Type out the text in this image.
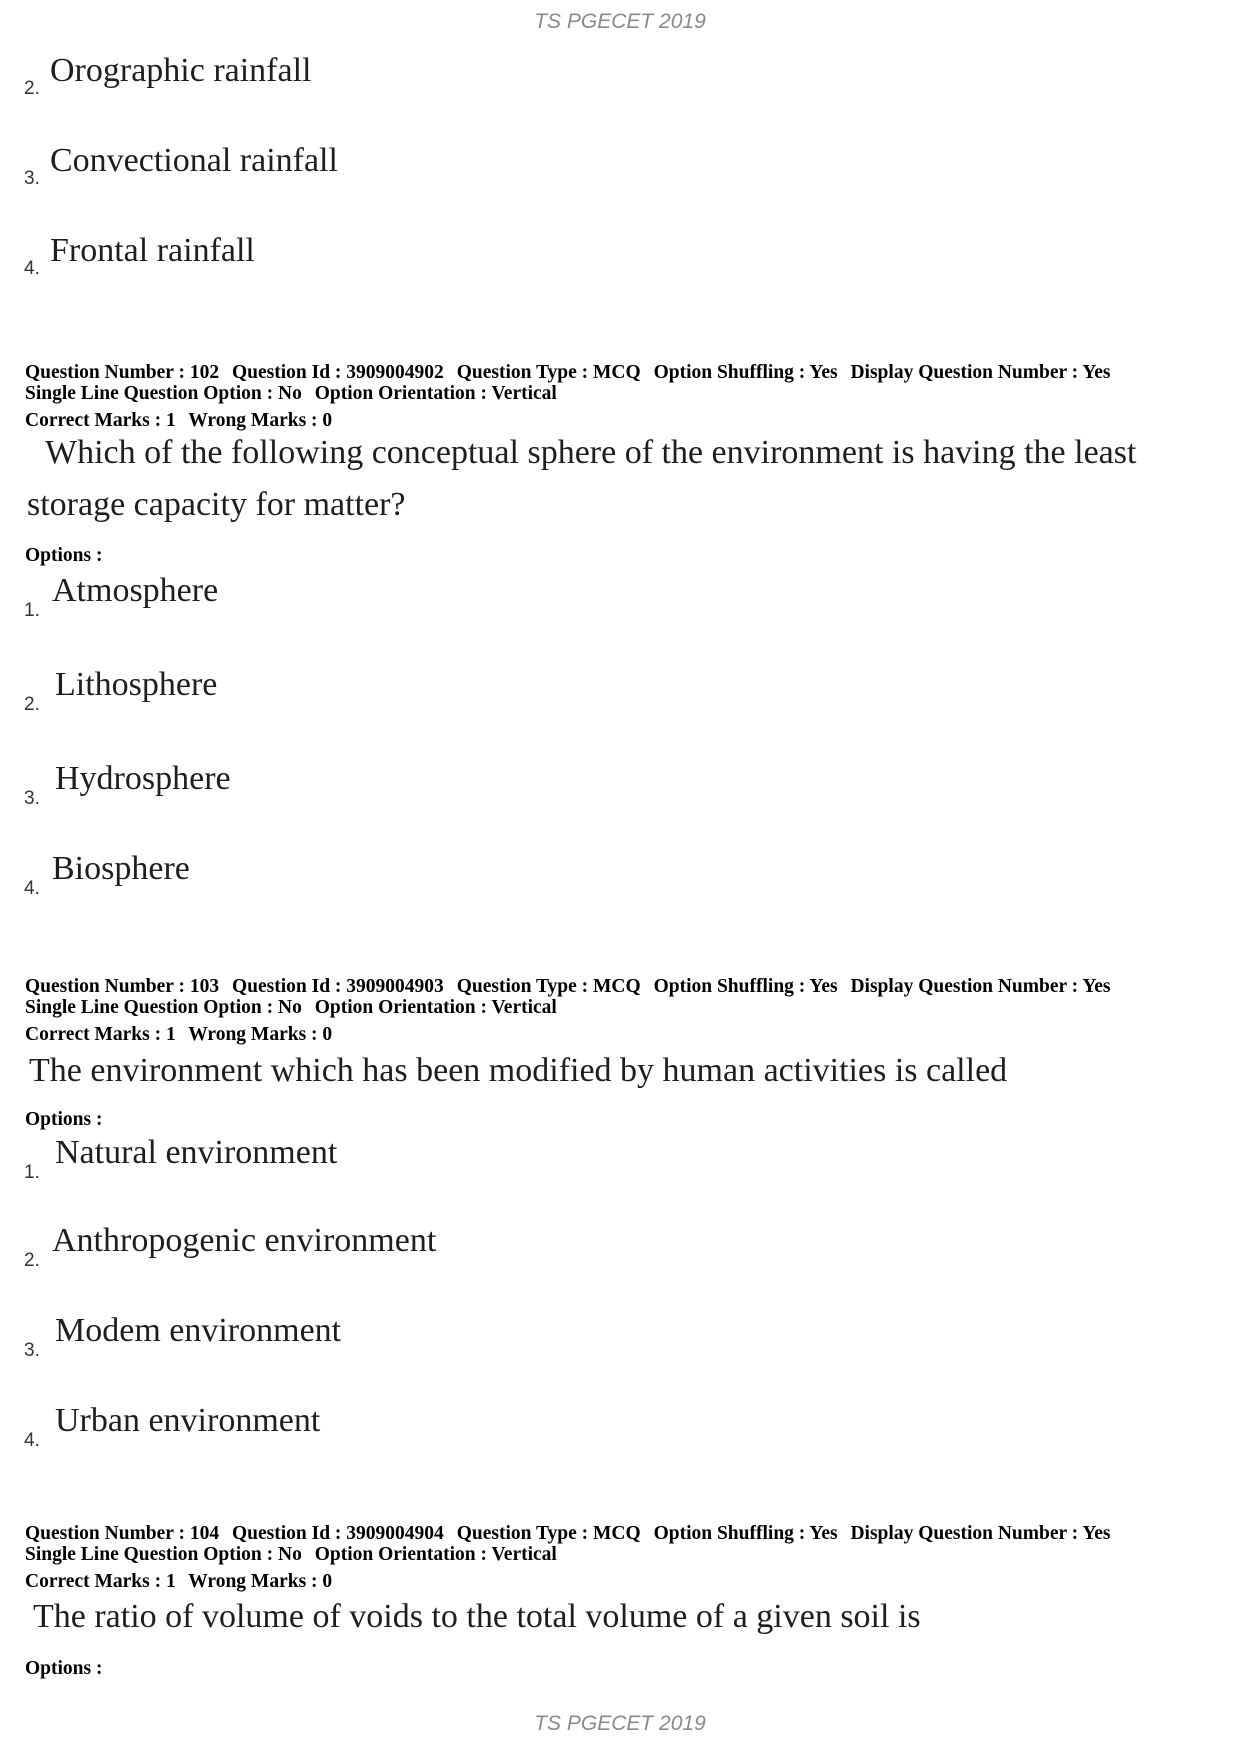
TS PGECET 2019
2. Orographic rainfall
3. Convectional rainfall
4. Frontal rainfall
Question Number : 102 Question Id : 3909004902 Question Type : MCQ Option Shuffling : Yes Display Question Number : Yes
Single Line Question Option : No Option Orientation : Vertical
Correct Marks : 1 Wrong Marks : 0
Which of the following conceptual sphere of the environment is having the least
storage capacity for matter?
Options :
1.
Atmosphere
2.
Lithosphere
3.
Hydrosphere
4.
Biosphere
Question Number : 103 Question Id : 3909004903 Question Type : MCQ Option Shuffling : Yes Display Question Number : Yes
Single Line Question Option : No Option Orientation : Vertical
Correct Marks : 1 Wrong Marks : 0
The environment which has been modified by human activities is called
Options :
1.
Natural environment
2.
Anthropogenic environment
3.
Modem environment
4.
Urban environment
Question Number : 104 Question Id : 3909004904 Question Type : MCQ Option Shuffling : Yes Display Question Number : Yes
Single Line Question Option : No Option Orientation : Vertical
Correct Marks : 1 Wrong Marks : 0
The ratio of volume of voids to the total volume of a given soil is
Options :
TS PGECET 2019
